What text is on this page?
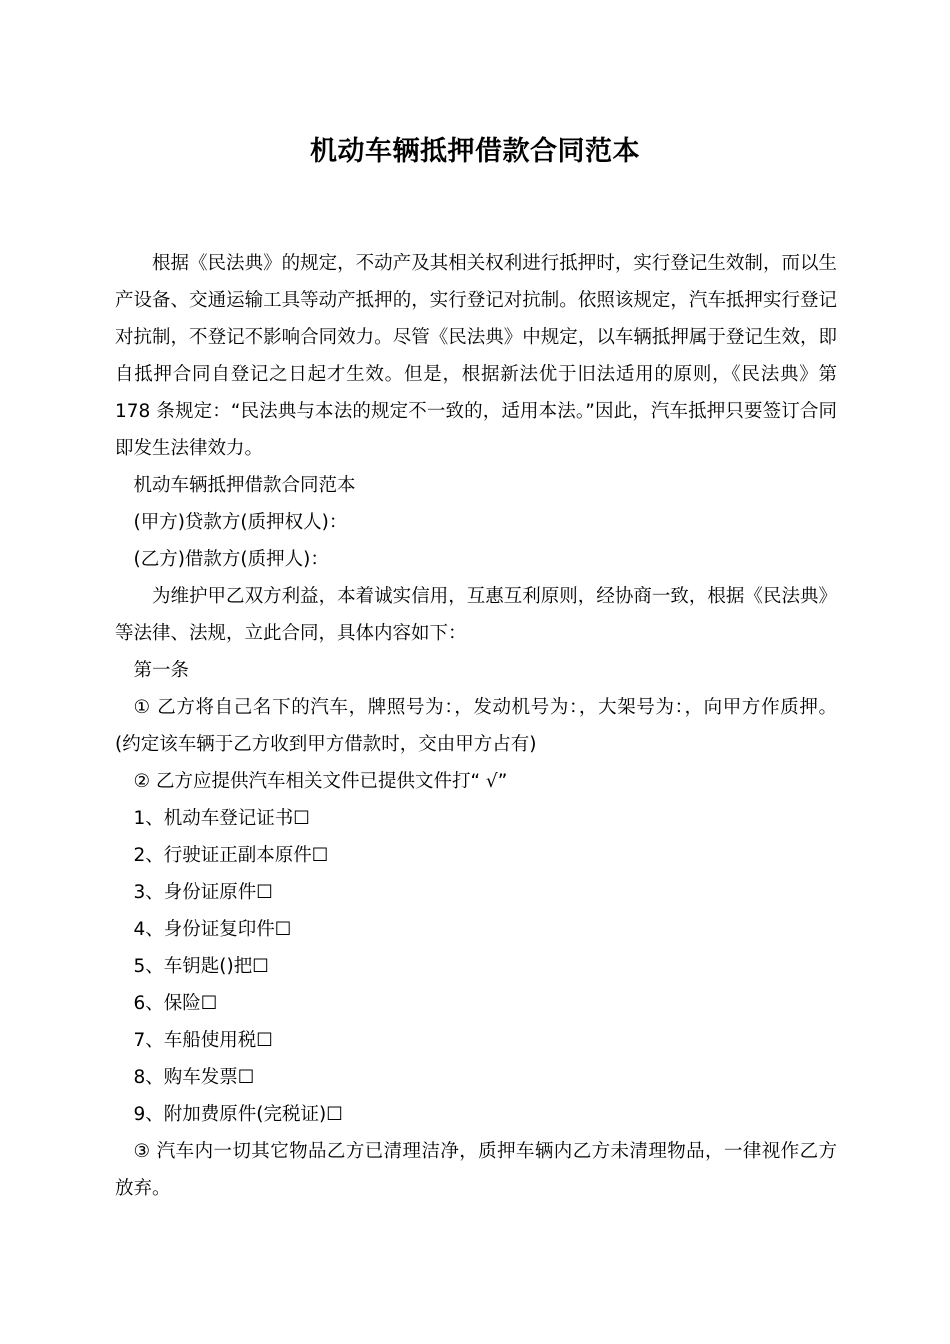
机动车辆抵押借款合同范本

根据《民法典》的规定，不动产及其相关权利进行抵押时，实行登记生效制，而以生产设备、交通运输工具等动产抵押的，实行登记对抗制。依照该规定，汽车抵押实行登记对抗制，不登记不影响合同效力。尽管《民法典》中规定，以车辆抵押属于登记生效，即自抵押合同自登记之日起才生效。但是，根据新法优于旧法适用的原则，《民法典》第 178 条规定：“民法典与本法的规定不一致的，适用本法。”因此，汽车抵押只要签订合同即发生法律效力。

机动车辆抵押借款合同范本

(甲方)贷款方(质押权人)：

(乙方)借款方(质押人)：

为维护甲乙双方利益，本着诚实信用，互惠互利原则，经协商一致，根据《民法典》等法律、法规，立此合同，具体内容如下：

第一条

① 乙方将自己名下的汽车，牌照号为：，发动机号为：，大架号为：，向甲方作质押。(约定该车辆于乙方收到甲方借款时，交由甲方占有)

② 乙方应提供汽车相关文件已提供文件打“ √”

1、机动车登记证书☐

2、行驶证正副本原件☐

3、身份证原件☐

4、身份证复印件☐

5、车钥匙()把☐

6、保险☐

7、车船使用税☐

8、购车发票☐

9、附加费原件(完税证)☐

③ 汽车内一切其它物品乙方已清理洁净，质押车辆内乙方未清理物品，一律视作乙方放弃。
